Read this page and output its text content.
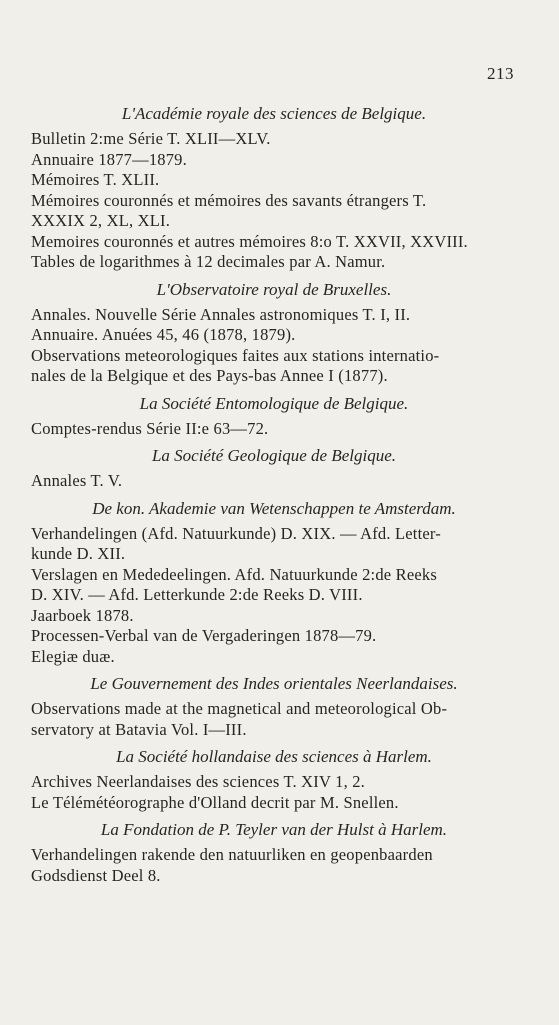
213
L'Académie royale des sciences de Belgique.
Bulletin 2:me Série T. XLII—XLV.
Annuaire 1877—1879.
Mémoires T. XLII.
Mémoires couronnés et mémoires des savants étrangers T.
XXXIX 2, XL, XLI.
Memoires couronnés et autres mémoires 8:o T. XXVII, XXVIII.
Tables de logarithmes à 12 decimales par A. Namur.
L'Observatoire royal de Bruxelles.
Annales. Nouvelle Série Annales astronomiques T. I, II.
Annuaire. Anuées 45, 46 (1878, 1879).
Observations meteorologiques faites aux stations internatio-
nales de la Belgique et des Pays-bas Annee I (1877).
La Société Entomologique de Belgique.
Comptes-rendus Série II:e 63—72.
La Société Geologique de Belgique.
Annales T. V.
De kon. Akademie van Wetenschappen te Amsterdam.
Verhandelingen (Afd. Natuurkunde) D. XIX. — Afd. Letter-
kunde D. XII.
Verslagen en Mededeelingen. Afd. Natuurkunde 2:de Reeks
D. XIV. — Afd. Letterkunde 2:de Reeks D. VIII.
Jaarboek 1878.
Processen-Verbal van de Vergaderingen 1878—79.
Elegiæ duæ.
Le Gouvernement des Indes orientales Neerlandaises.
Observations made at the magnetical and meteorological Ob-
servatory at Batavia Vol. I—III.
La Société hollandaise des sciences à Harlem.
Archives Neerlandaises des sciences T. XIV 1, 2.
Le Télémétéorographe d'Olland decrit par M. Snellen.
La Fondation de P. Teyler van der Hulst à Harlem.
Verhandelingen rakende den natuurliken en geopenbaarden
Godsdienst Deel 8.
